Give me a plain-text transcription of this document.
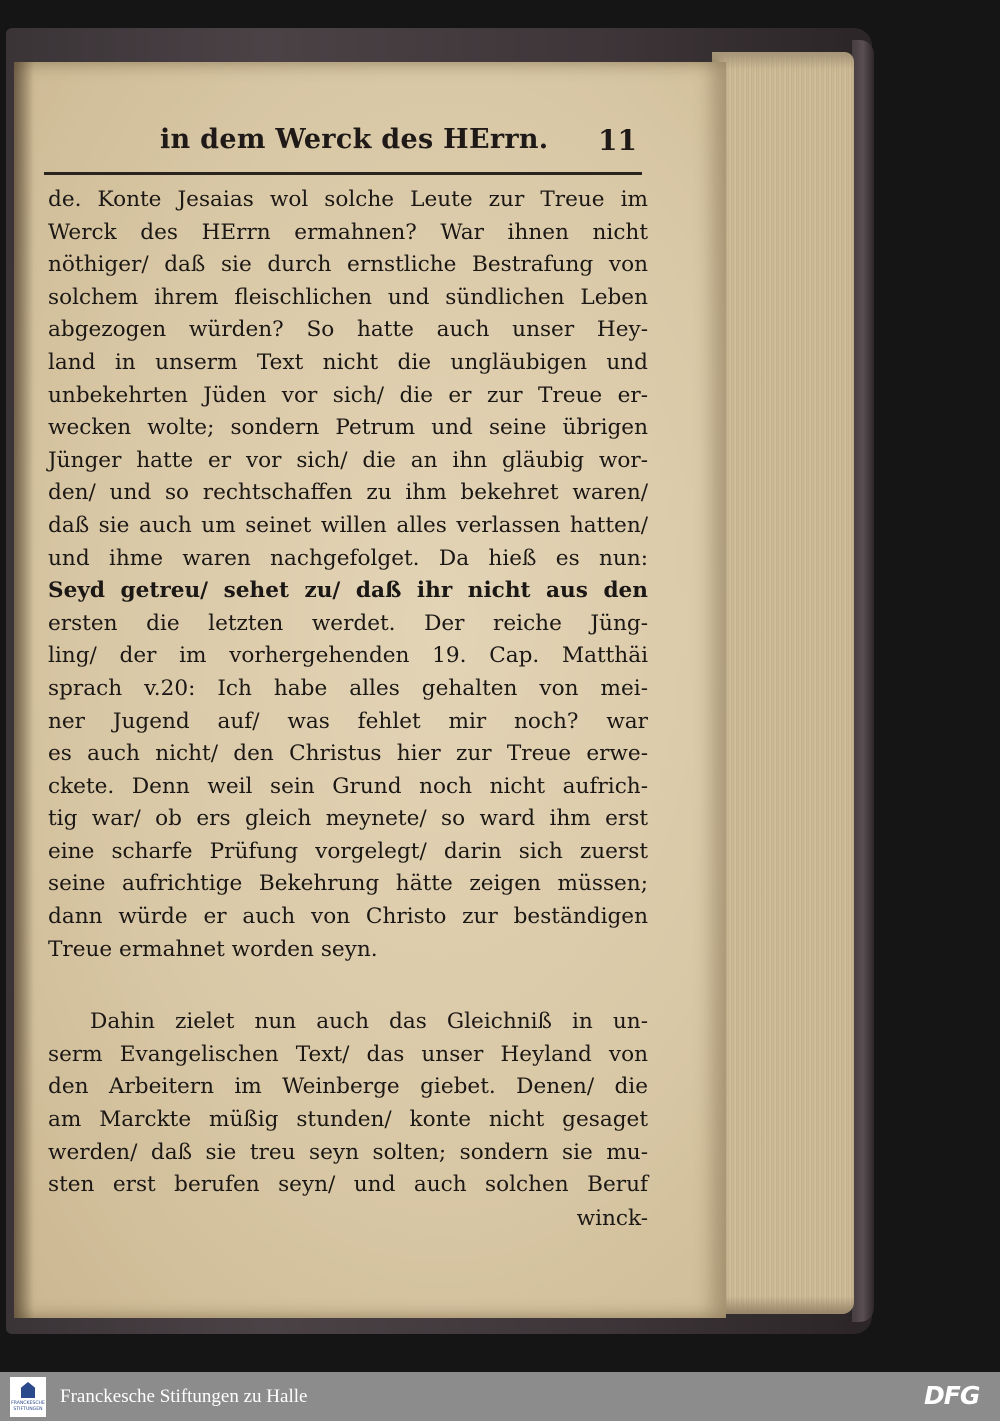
in dem Werck des HErrn. 11

de. Konte Jesaias wol solche Leute zur Treue im

Werck des HErrn ermahnen? War ihnen nicht

nöthiger/ daß sie durch ernstliche Bestrafung von

solchem ihrem fleischlichen und sündlichen Leben

abgezogen würden? So hatte auch unser Hey-

land in unserm Text nicht die ungläubigen und

unbekehrten Jüden vor sich/ die er zur Treue er-

wecken wolte; sondern Petrum und seine übrigen

Jünger hatte er vor sich/ die an ihn gläubig wor-

den/ und so rechtschaffen zu ihm bekehret waren/

daß sie auch um seinet willen alles verlassen hatten/

und ihme waren nachgefolget. Da hieß es nun:

Seyd getreu/ sehet zu/ daß ihr nicht aus den

ersten die letzten werdet. Der reiche Jüng-

ling/ der im vorhergehenden 19. Cap. Matthäi

sprach v.20: Ich habe alles gehalten von mei-

ner Jugend auf/ was fehlet mir noch? war

es auch nicht/ den Christus hier zur Treue erwe-

ckete. Denn weil sein Grund noch nicht aufrich-

tig war/ ob ers gleich meynete/ so ward ihm erst

eine scharfe Prüfung vorgelegt/ darin sich zuerst

seine aufrichtige Bekehrung hätte zeigen müssen;

dann würde er auch von Christo zur beständigen

Treue ermahnet worden seyn.

Dahin zielet nun auch das Gleichniß in un-

serm Evangelischen Text/ das unser Heyland von

den Arbeitern im Weinberge giebet. Denen/ die

am Marckte müßig stunden/ konte nicht gesaget

werden/ daß sie treu seyn solten; sondern sie mu-

sten erst berufen seyn/ und auch solchen Beruf

winck-
FRANCKESCHE STIFTUNGEN
Franckesche Stiftungen zu Halle	DFG
